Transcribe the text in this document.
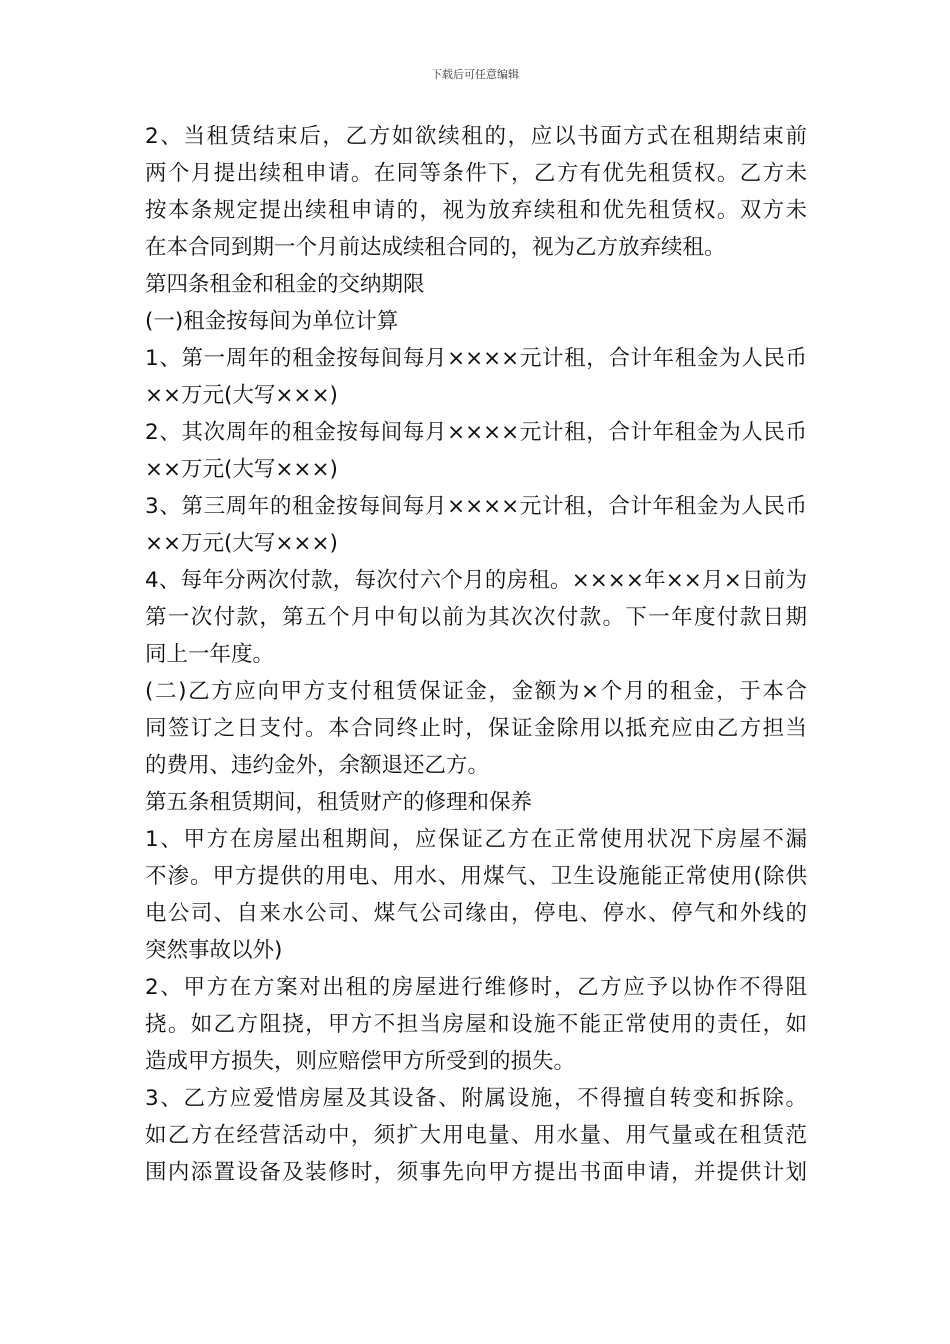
下载后可任意编辑
2、当租赁结束后，乙方如欲续租的，应以书面方式在租期结束前
两个月提出续租申请。在同等条件下，乙方有优先租赁权。乙方未
按本条规定提出续租申请的，视为放弃续租和优先租赁权。双方未
在本合同到期一个月前达成续租合同的，视为乙方放弃续租。
第四条租金和租金的交纳期限
(一)租金按每间为单位计算
1、第一周年的租金按每间每月××××元计租，合计年租金为人民币
××万元(大写×××)
2、其次周年的租金按每间每月××××元计租，合计年租金为人民币
××万元(大写×××)
3、第三周年的租金按每间每月××××元计租，合计年租金为人民币
××万元(大写×××)
4、每年分两次付款，每次付六个月的房租。××××年××月×日前为
第一次付款，第五个月中旬以前为其次次付款。下一年度付款日期
同上一年度。
(二)乙方应向甲方支付租赁保证金，金额为×个月的租金，于本合
同签订之日支付。本合同终止时，保证金除用以抵充应由乙方担当
的费用、违约金外，余额退还乙方。
第五条租赁期间，租赁财产的修理和保养
1、甲方在房屋出租期间，应保证乙方在正常使用状况下房屋不漏
不渗。甲方提供的用电、用水、用煤气、卫生设施能正常使用(除供
电公司、自来水公司、煤气公司缘由，停电、停水、停气和外线的
突然事故以外)
2、甲方在方案对出租的房屋进行维修时，乙方应予以协作不得阻
挠。如乙方阻挠，甲方不担当房屋和设施不能正常使用的责任，如
造成甲方损失，则应赔偿甲方所受到的损失。
3、乙方应爱惜房屋及其设备、附属设施，不得擅自转变和拆除。
如乙方在经营活动中，须扩大用电量、用水量、用气量或在租赁范
围内添置设备及装修时，须事先向甲方提出书面申请，并提供计划
